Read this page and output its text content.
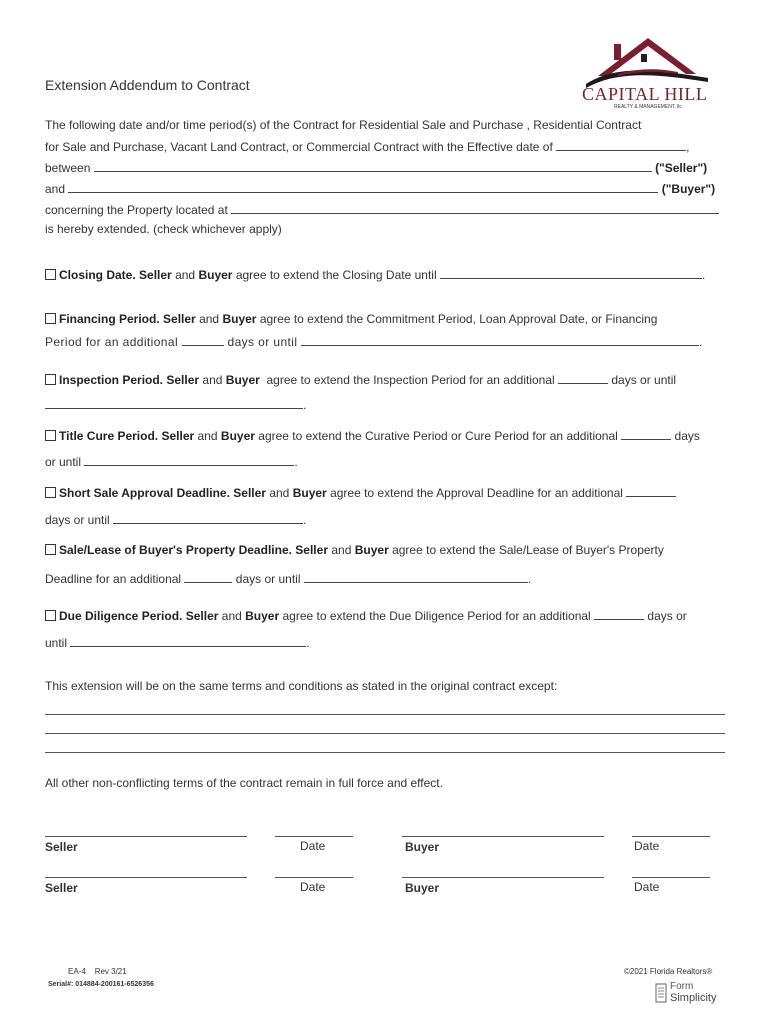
CAPITAL HILL
REALTY & MANAGEMENT, llc
Extension Addendum to Contract
The following date and/or time period(s) of the Contract for Residential Sale and Purchase , Residential Contract
for Sale and Purchase, Vacant Land Contract, or Commercial Contract with the Effective date of	,
between	("Seller")
and	("Buyer")
concerning the Property located at
is hereby extended. (check whichever apply)
Closing Date. Seller and Buyer agree to extend the Closing Date until	.
Financing Period. Seller and Buyer agree to extend the Commitment Period, Loan Approval Date, or Financing
Period for an additional	days or until	.
Inspection Period. Seller and Buyer agree to extend the Inspection Period for an additional	days or until
.
Title Cure Period. Seller and Buyer agree to extend the Curative Period or Cure Period for an additional	days
or until	.
Short Sale Approval Deadline. Seller and Buyer agree to extend the Approval Deadline for an additional
days or until	.
Sale/Lease of Buyer's Property Deadline. Seller and Buyer agree to extend the Sale/Lease of Buyer's Property
Deadline for an additional	days or until	.
Due Diligence Period. Seller and Buyer agree to extend the Due Diligence Period for an additional	days or
until	.
This extension will be on the same terms and conditions as stated in the original contract except:
All other non-conflicting terms of the contract remain in full force and effect.
Seller	Date	Buyer	Date
Seller	Date	Buyer	Date
EA-4 Rev 3/21
Serial#: 014884-200161-6526356
©2021 Florida Realtors®
Form
Simplicity
